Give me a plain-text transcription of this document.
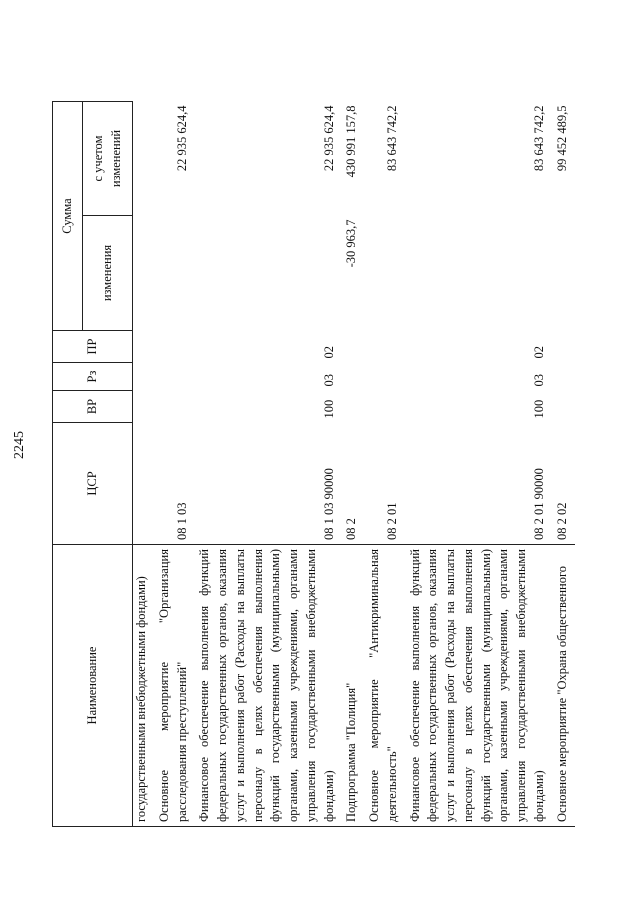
2245
Наименование	ЦСР	ВР	Рз	ПР	Сумма	
					изменения	с учетом изменений
государственными внебюджетными фондами)						
Основное мероприятие "Организация расследования преступлений"	08 1 03					22 935 624,4
Финансовое обеспечение выполнения функций федеральных государственных органов, оказания услуг и выполнения работ (Расходы на выплаты персоналу в целях обеспечения выполнения функций государственными (муниципальными) органами, казенными учреждениями, органами управления государственными внебюджетными фондами)	08 1 03 90000	100	03	02		22 935 624,4
Подпрограмма "Полиция"	08 2				-30 963,7	430 991 157,8
Основное мероприятие "Антикриминальная деятельность"	08 2 01					83 643 742,2
Финансовое обеспечение выполнения функций федеральных государственных органов, оказания услуг и выполнения работ (Расходы на выплаты персоналу в целях обеспечения выполнения функций государственными (муниципальными) органами, казенными учреждениями, органами управления государственными внебюджетными фондами)	08 2 01 90000	100	03	02		83 643 742,2
Основное мероприятие "Охрана общественного	08 2 02					99 452 489,5
